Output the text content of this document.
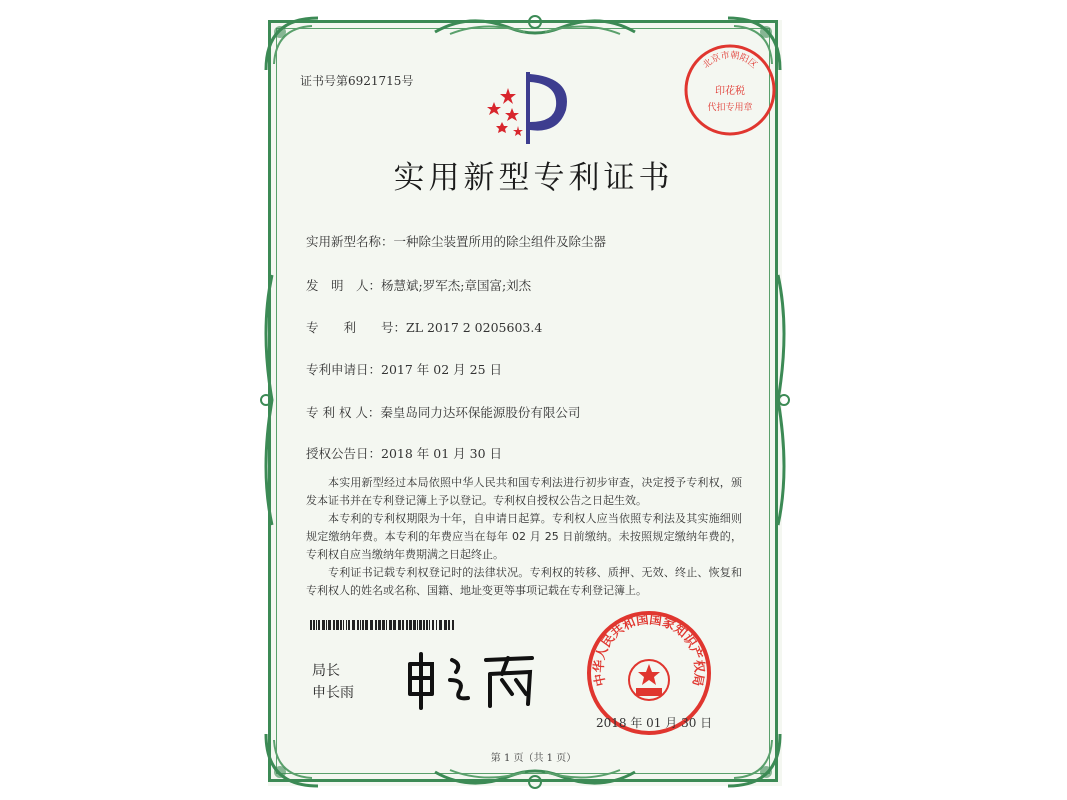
证书号第6921715号
北京市朝阳区
印花税
代扣专用章
实用新型专利证书
实用新型名称：一种除尘装置所用的除尘组件及除尘器
发　明　人：杨慧斌;罗军杰;章国富;刘杰
专　　利　　号：ZL 2017 2 0205603.4
专利申请日：2017 年 02 月 25 日
专 利 权 人：秦皇岛同力达环保能源股份有限公司
授权公告日：2018 年 01 月 30 日

本实用新型经过本局依照中华人民共和国专利法进行初步审查，决定授予专利权，颁发本证书并在专利登记簿上予以登记。专利权自授权公告之日起生效。

本专利的专利权期限为十年，自申请日起算。专利权人应当依照专利法及其实施细则规定缴纳年费。本专利的年费应当在每年 02 月 25 日前缴纳。未按照规定缴纳年费的，专利权自应当缴纳年费期满之日起终止。

专利证书记载专利权登记时的法律状况。专利权的转移、质押、无效、终止、恢复和专利权人的姓名或名称、国籍、地址变更等事项记载在专利登记簿上。

局长
申长雨
中华人民共和国国家知识产权局
2018 年 01 月 30 日
第 1 页（共 1 页）
